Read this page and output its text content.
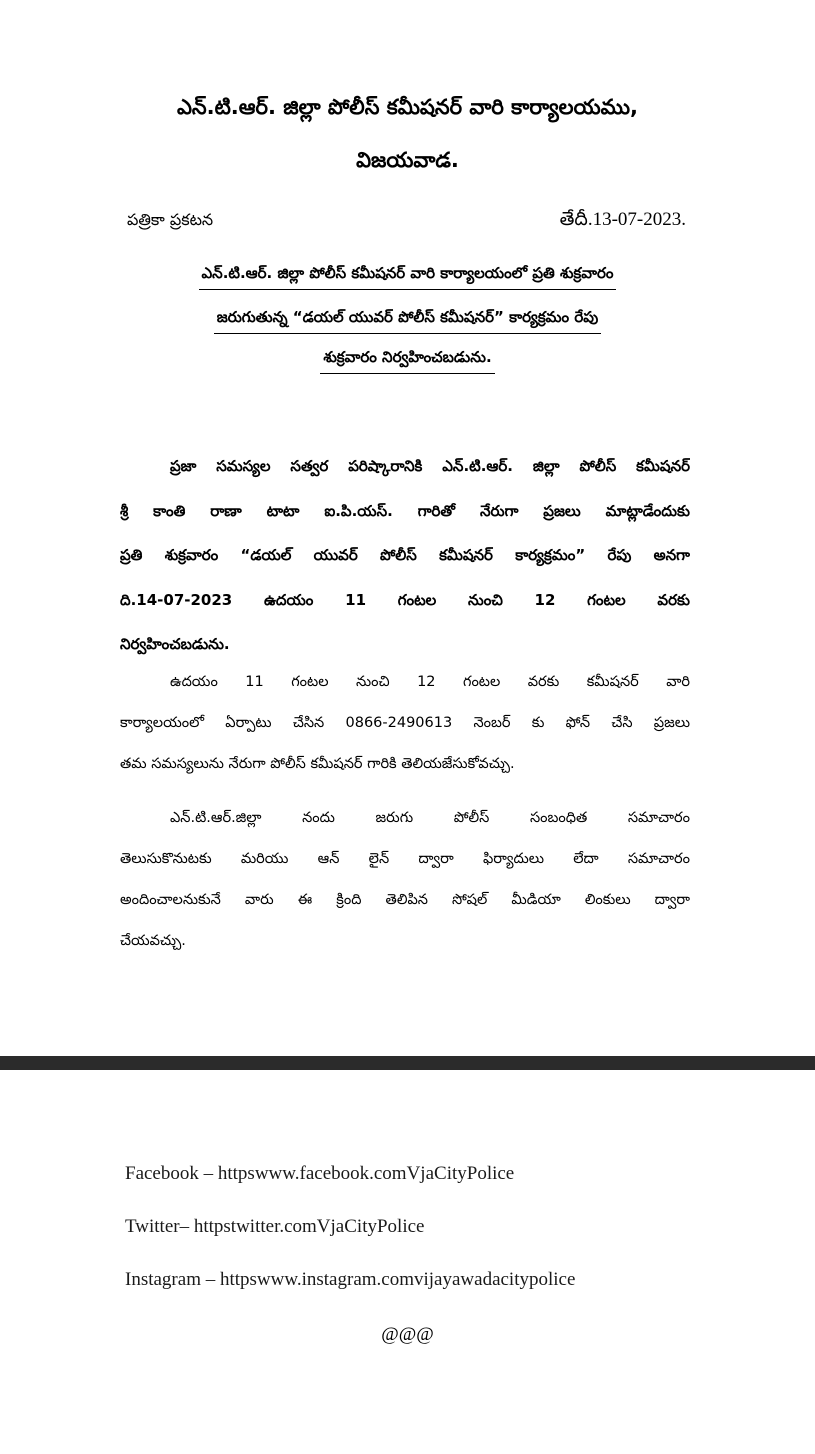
ఎన్.టి.ఆర్. జిల్లా పోలీస్ కమీషనర్ వారి కార్యాలయము,
విజయవాడ.
పత్రికా ప్రకటన	తేదీ.13-07-2023.
ఎన్.టి.ఆర్. జిల్లా పోలీస్ కమీషనర్ వారి కార్యాలయంలో ప్రతి శుక్రవారం
జరుగుతున్న “డయల్ యువర్ పోలీస్ కమీషనర్” కార్యక్రమం రేపు
శుక్రవారం నిర్వహించబడును.
ప్రజా సమస్యల సత్వర పరిష్కారానికి ఎన్.టి.ఆర్. జిల్లా పోలీస్ కమీషనర్
శ్రీ కాంతి రాణా టాటా ఐ.పి.యస్. గారితో నేరుగా ప్రజలు మాట్లాడేందుకు
ప్రతి శుక్రవారం “డయల్ యువర్ పోలీస్ కమీషనర్ కార్యక్రమం” రేపు అనగా
ది.14-07-2023 ఉదయం 11 గంటల నుంచి 12 గంటల వరకు
నిర్వహించబడును.
ఉదయం 11 గంటల నుంచి 12 గంటల వరకు కమీషనర్ వారి
కార్యాలయంలో ఏర్పాటు చేసిన 0866-2490613 నెంబర్ కు ఫోన్ చేసి ప్రజలు
తమ సమస్యలును నేరుగా పోలీస్ కమీషనర్ గారికి తెలియజేసుకోవచ్చు.
ఎన్.టి.ఆర్.జిల్లా నందు జరుగు పోలీస్ సంబంధిత సమాచారం
తెలుసుకొనుటకు మరియు ఆన్ లైన్ ద్వారా ఫిర్యాదులు లేదా సమాచారం
అందించాలనుకునే వారు ఈ క్రింది తెలిపిన సోషల్ మీడియా లింకులు ద్వారా
చేయవచ్చు.
Facebook – httpswww.facebook.comVjaCityPolice
Twitter– httpstwitter.comVjaCityPolice
Instagram – httpswww.instagram.comvijayawadacitypolice
@@@
